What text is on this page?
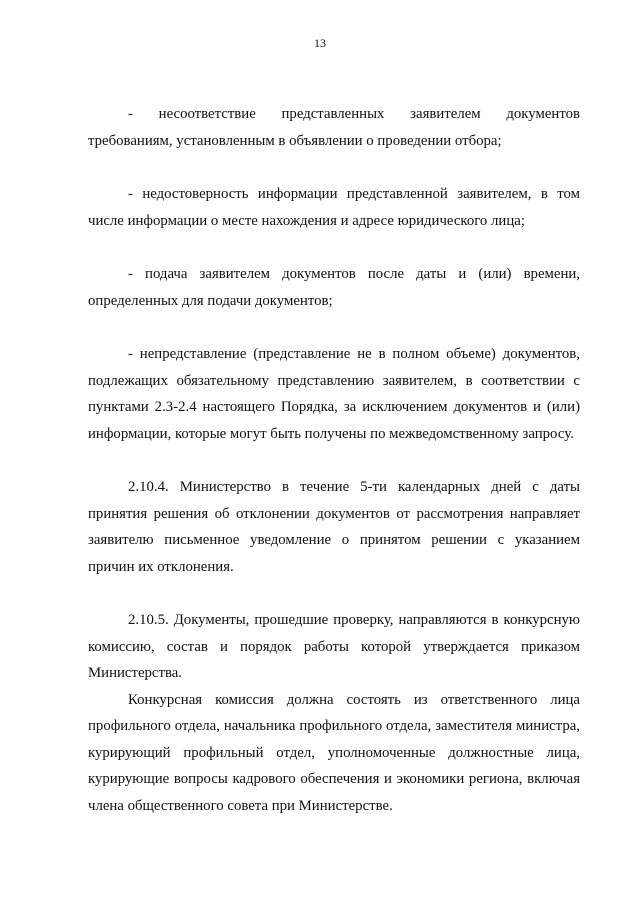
13

- несоответствие представленных заявителем документов требованиям, установленным в объявлении о проведении отбора;

- недостоверность информации представленной заявителем, в том числе информации о месте нахождения и адресе юридического лица;

- подача заявителем документов после даты и (или) времени, определенных для подачи документов;

- непредставление (представление не в полном объеме) документов, подлежащих обязательному представлению заявителем, в соответствии с пунктами 2.3-2.4 настоящего Порядка, за исключением документов и (или) информации, которые могут быть получены по межведомственному запросу.

2.10.4. Министерство в течение 5-ти календарных дней с даты принятия решения об отклонении документов от рассмотрения направляет заявителю письменное уведомление о принятом решении с указанием причин их отклонения.

2.10.5. Документы, прошедшие проверку, направляются в конкурсную комиссию, состав и порядок работы которой утверждается приказом Министерства.

Конкурсная комиссия должна состоять из ответственного лица профильного отдела, начальника профильного отдела, заместителя министра, курирующий профильный отдел, уполномоченные должностные лица, курирующие вопросы кадрового обеспечения и экономики региона, включая члена общественного совета при Министерстве.
